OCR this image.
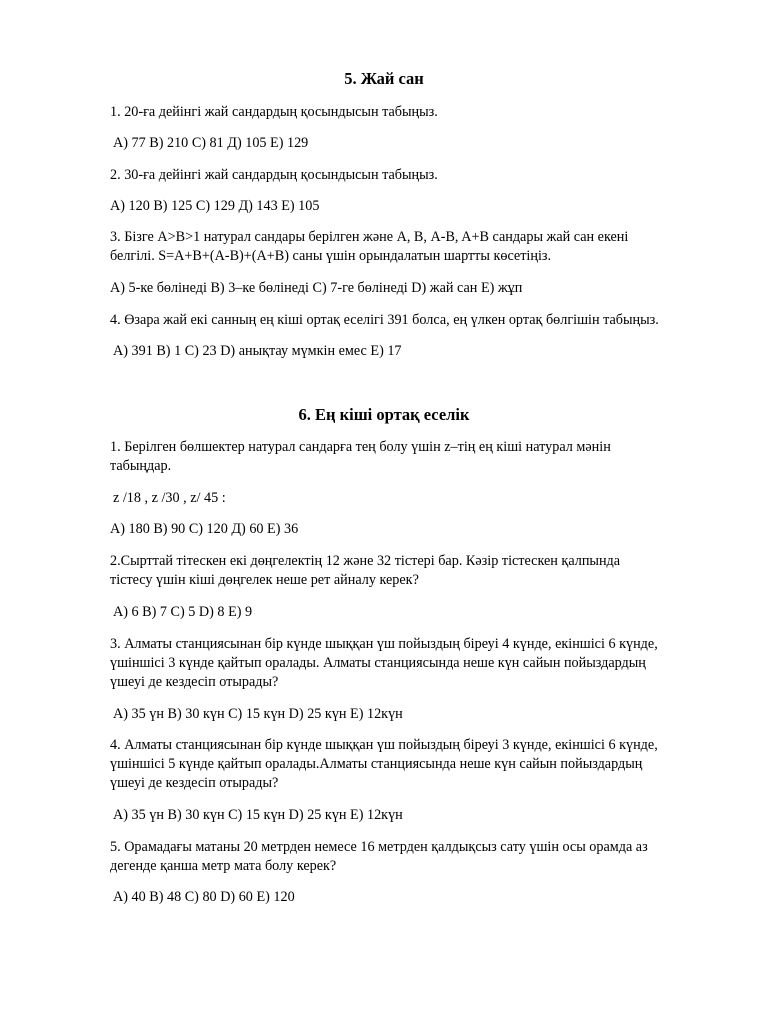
5. Жай сан

1. 20-ға дейінгі жай сандардың қосындысын табыңыз.

A) 77 В) 210 С) 81 Д) 105 Е) 129

2. 30-ға дейінгі жай сандардың қосындысын табыңыз.

А) 120 В) 125 С) 129 Д) 143 Е) 105

3. Бізге А>B>1 натурал сандары берілген және А, B, А-B, A+B сандары жай сан екені

белгілі. S=А+B+(А-B)+(A+B) саны үшін орындалатын шартты көсетіңіз.

А) 5-ке бөлінеді В) 3–ке бөлінеді С) 7-ге бөлінеді D) жай сан Е) жұп

4. Өзара жай екі санның ең кіші ортақ еселігі 391 болса, ең үлкен ортақ бөлгішін табыңыз.

A) 391 В) 1 С) 23 D) анықтау мүмкін емес Е) 17

6. Ең кіші ортақ еселік

1. Берілген бөлшектер натурал сандарға тең болу үшін z–тің ең кіші натурал мәнін

табыңдар.

z /18 , z /30 , z/ 45 :

А) 180 В) 90 С) 120 Д) 60 Е) 36

2.Сырттай тітескен екі дөңгелектің 12 және 32 тістері бар. Кәзір тістескен қалпында

тістесу үшін кіші дөңгелек неше рет айналу керек?

A) 6 B) 7 C) 5 D) 8 E) 9

3. Алматы станциясынан бір күнде шыққан үш пойыздың біреуі 4 күнде, екіншісі 6 күнде,

үшіншісі 3 күнде қайтып оралады. Алматы станциясында неше күн сайын пойыздардың

үшеуі де кездесіп отырады?

A) 35 үн B) 30 күн C) 15 күн D) 25 күн E) 12күн

4. Алматы станциясынан бір күнде шыққан үш пойыздың біреуі 3 күнде, екіншісі 6 күнде,

үшіншісі 5 күнде қайтып оралады.Алматы станциясында неше күн сайын пойыздардың

үшеуі де кездесіп отырады?

A) 35 үн B) 30 күн C) 15 күн D) 25 күн E) 12күн

5. Орамадағы матаны 20 метрден немесе 16 метрден қалдықсыз сату үшін осы орамда аз

дегенде қанша метр мата болу керек?

A) 40 B) 48 C) 80 D) 60 E) 120
